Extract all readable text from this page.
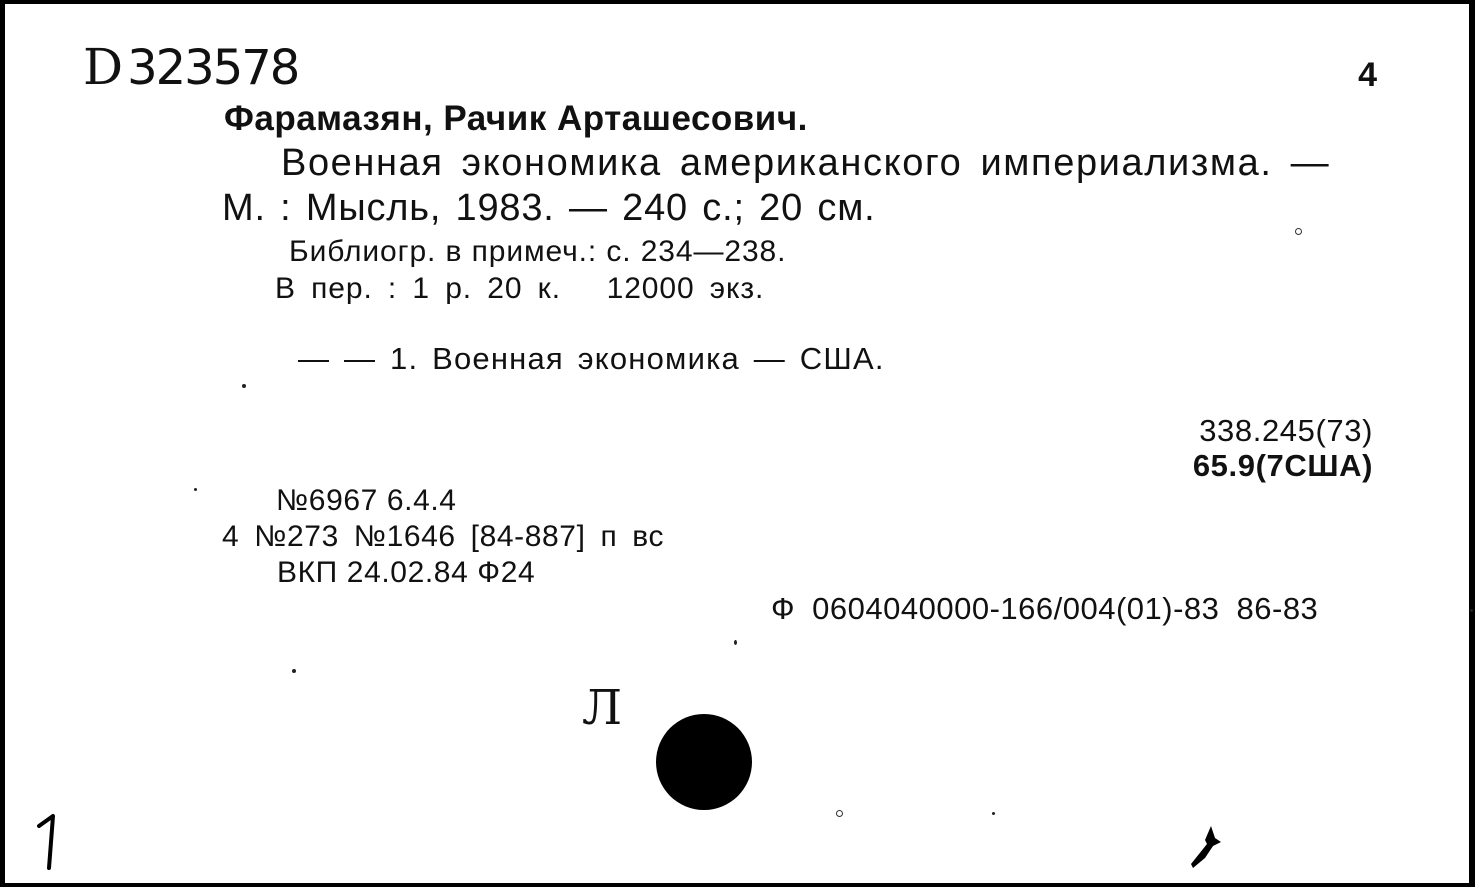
D 323578	4
Фарамазян, Рачик Арташесович.
Военная экономика американского империализма. —
М. : Мысль, 1983. — 240 с.; 20 см.
Библиогр. в примеч.: с. 234—238.
В пер. : 1 р. 20 к.   12000 экз.
— — 1. Военная экономика — США.
338.245(73)
65.9(7США)
№6967 6.4.4
4 №273 №1646 [84-887] п вс
ВКП 24.02.84 Ф24
Ф 0604040000-166/004(01)-83 86-83
Л
